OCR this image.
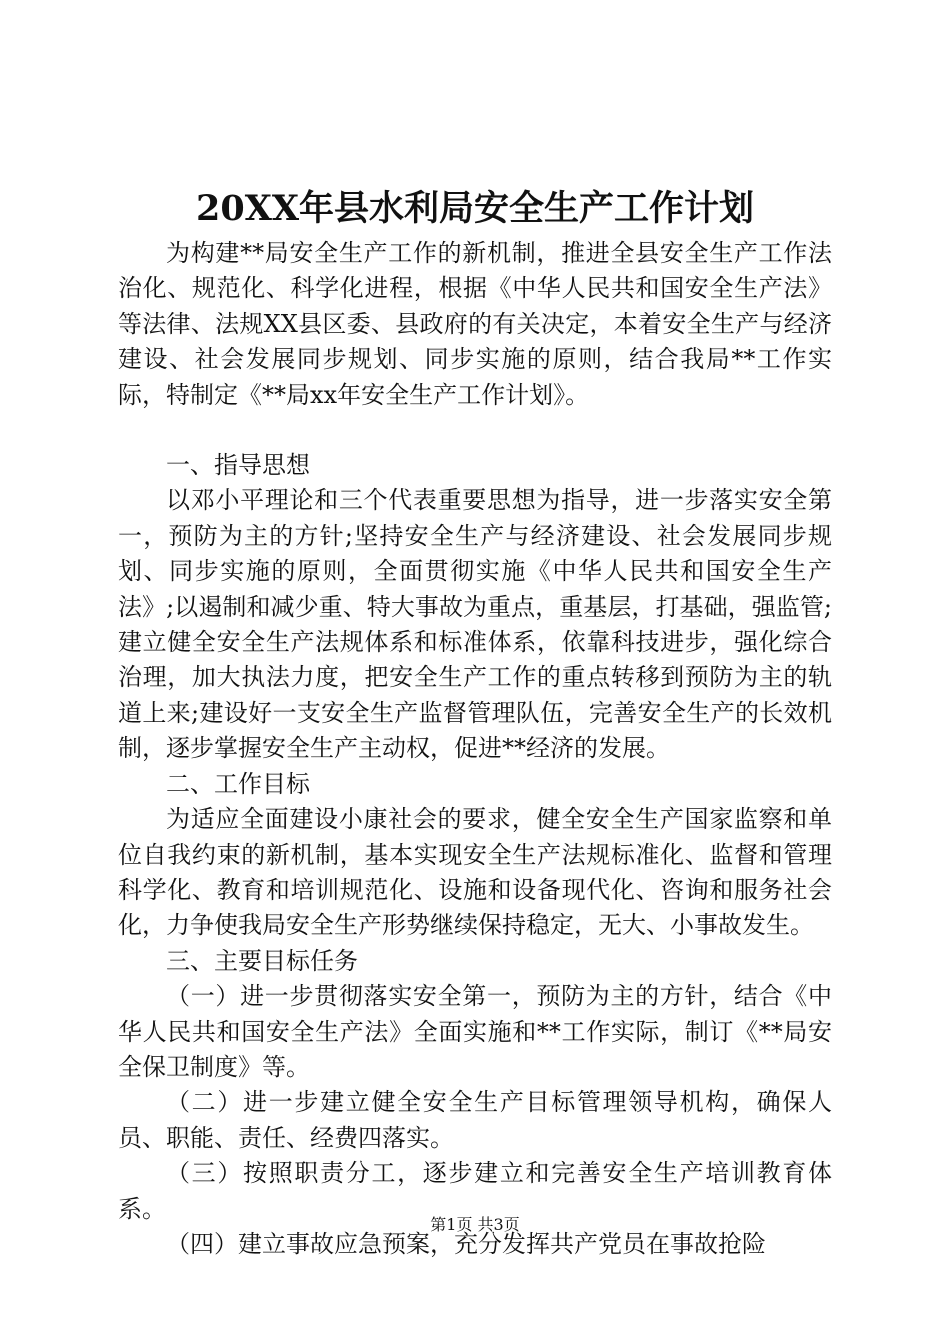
20XX年县水利局安全生产工作计划

为构建**局安全生产工作的新机制，推进全县安全生产工作法治化、规范化、科学化进程，根据《中华人民共和国安全生产法》等法律、法规XX县区委、县政府的有关决定，本着安全生产与经济建设、社会发展同步规划、同步实施的原则，结合我局**工作实际，特制定《**局xx年安全生产工作计划》。

一、指导思想

以邓小平理论和三个代表重要思想为指导，进一步落实安全第一，预防为主的方针;坚持安全生产与经济建设、社会发展同步规划、同步实施的原则，全面贯彻实施《中华人民共和国安全生产法》;以遏制和减少重、特大事故为重点，重基层，打基础，强监管;建立健全安全生产法规体系和标准体系，依靠科技进步，强化综合治理，加大执法力度，把安全生产工作的重点转移到预防为主的轨道上来;建设好一支安全生产监督管理队伍，完善安全生产的长效机制，逐步掌握安全生产主动权，促进**经济的发展。

二、工作目标

为适应全面建设小康社会的要求，健全安全生产国家监察和单位自我约束的新机制，基本实现安全生产法规标准化、监督和管理科学化、教育和培训规范化、设施和设备现代化、咨询和服务社会化，力争使我局安全生产形势继续保持稳定，无大、小事故发生。

三、主要目标任务

（一）进一步贯彻落实安全第一，预防为主的方针，结合《中华人民共和国安全生产法》全面实施和**工作实际，制订《**局安全保卫制度》等。

（二）进一步建立健全安全生产目标管理领导机构，确保人员、职能、责任、经费四落实。

（三）按照职责分工，逐步建立和完善安全生产培训教育体系。

（四）建立事故应急预案，充分发挥共产党员在事故抢险

第1页 共3页
